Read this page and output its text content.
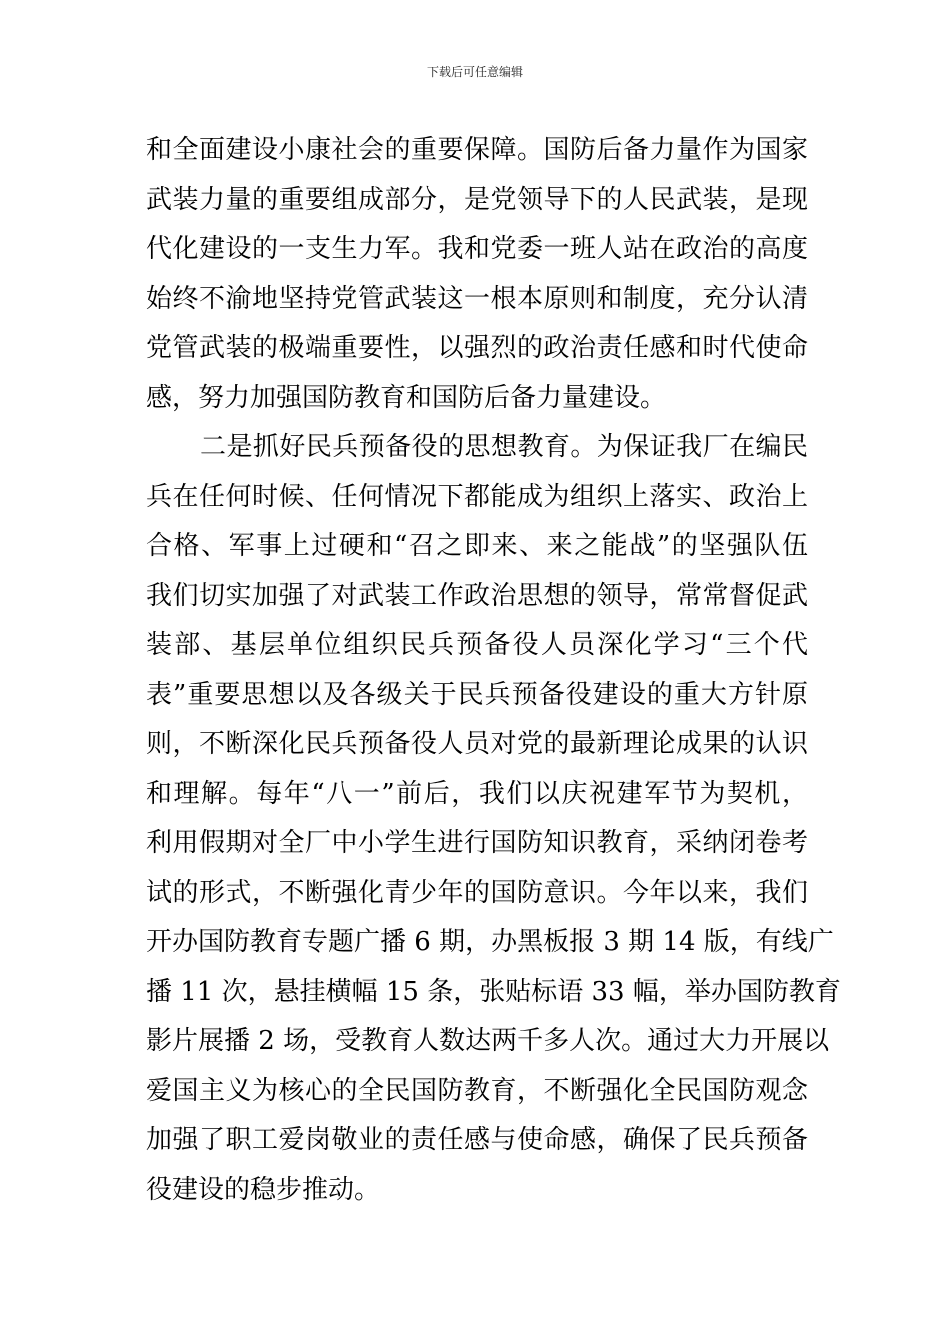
下载后可任意编辑
和全面建设小康社会的重要保障。国防后备力量作为国家
武装力量的重要组成部分，是党领导下的人民武装，是现
代化建设的一支生力军。我和党委一班人站在政治的高度
始终不渝地坚持党管武装这一根本原则和制度，充分认清
党管武装的极端重要性，以强烈的政治责任感和时代使命
感，努力加强国防教育和国防后备力量建设。
二是抓好民兵预备役的思想教育。为保证我厂在编民
兵在任何时候、任何情况下都能成为组织上落实、政治上
合格、军事上过硬和“召之即来、来之能战”的坚强队伍
我们切实加强了对武装工作政治思想的领导，常常督促武
装部、基层单位组织民兵预备役人员深化学习“三个代
表”重要思想以及各级关于民兵预备役建设的重大方针原
则，不断深化民兵预备役人员对党的最新理论成果的认识
和理解。每年“八一”前后，我们以庆祝建军节为契机，
利用假期对全厂中小学生进行国防知识教育，采纳闭卷考
试的形式，不断强化青少年的国防意识。今年以来，我们
开办国防教育专题广播 6 期，办黑板报 3 期 14 版，有线广
播 11 次，悬挂横幅 15 条，张贴标语 33 幅，举办国防教育
影片展播 2 场，受教育人数达两千多人次。通过大力开展以
爱国主义为核心的全民国防教育，不断强化全民国防观念
加强了职工爱岗敬业的责任感与使命感，确保了民兵预备
役建设的稳步推动。
